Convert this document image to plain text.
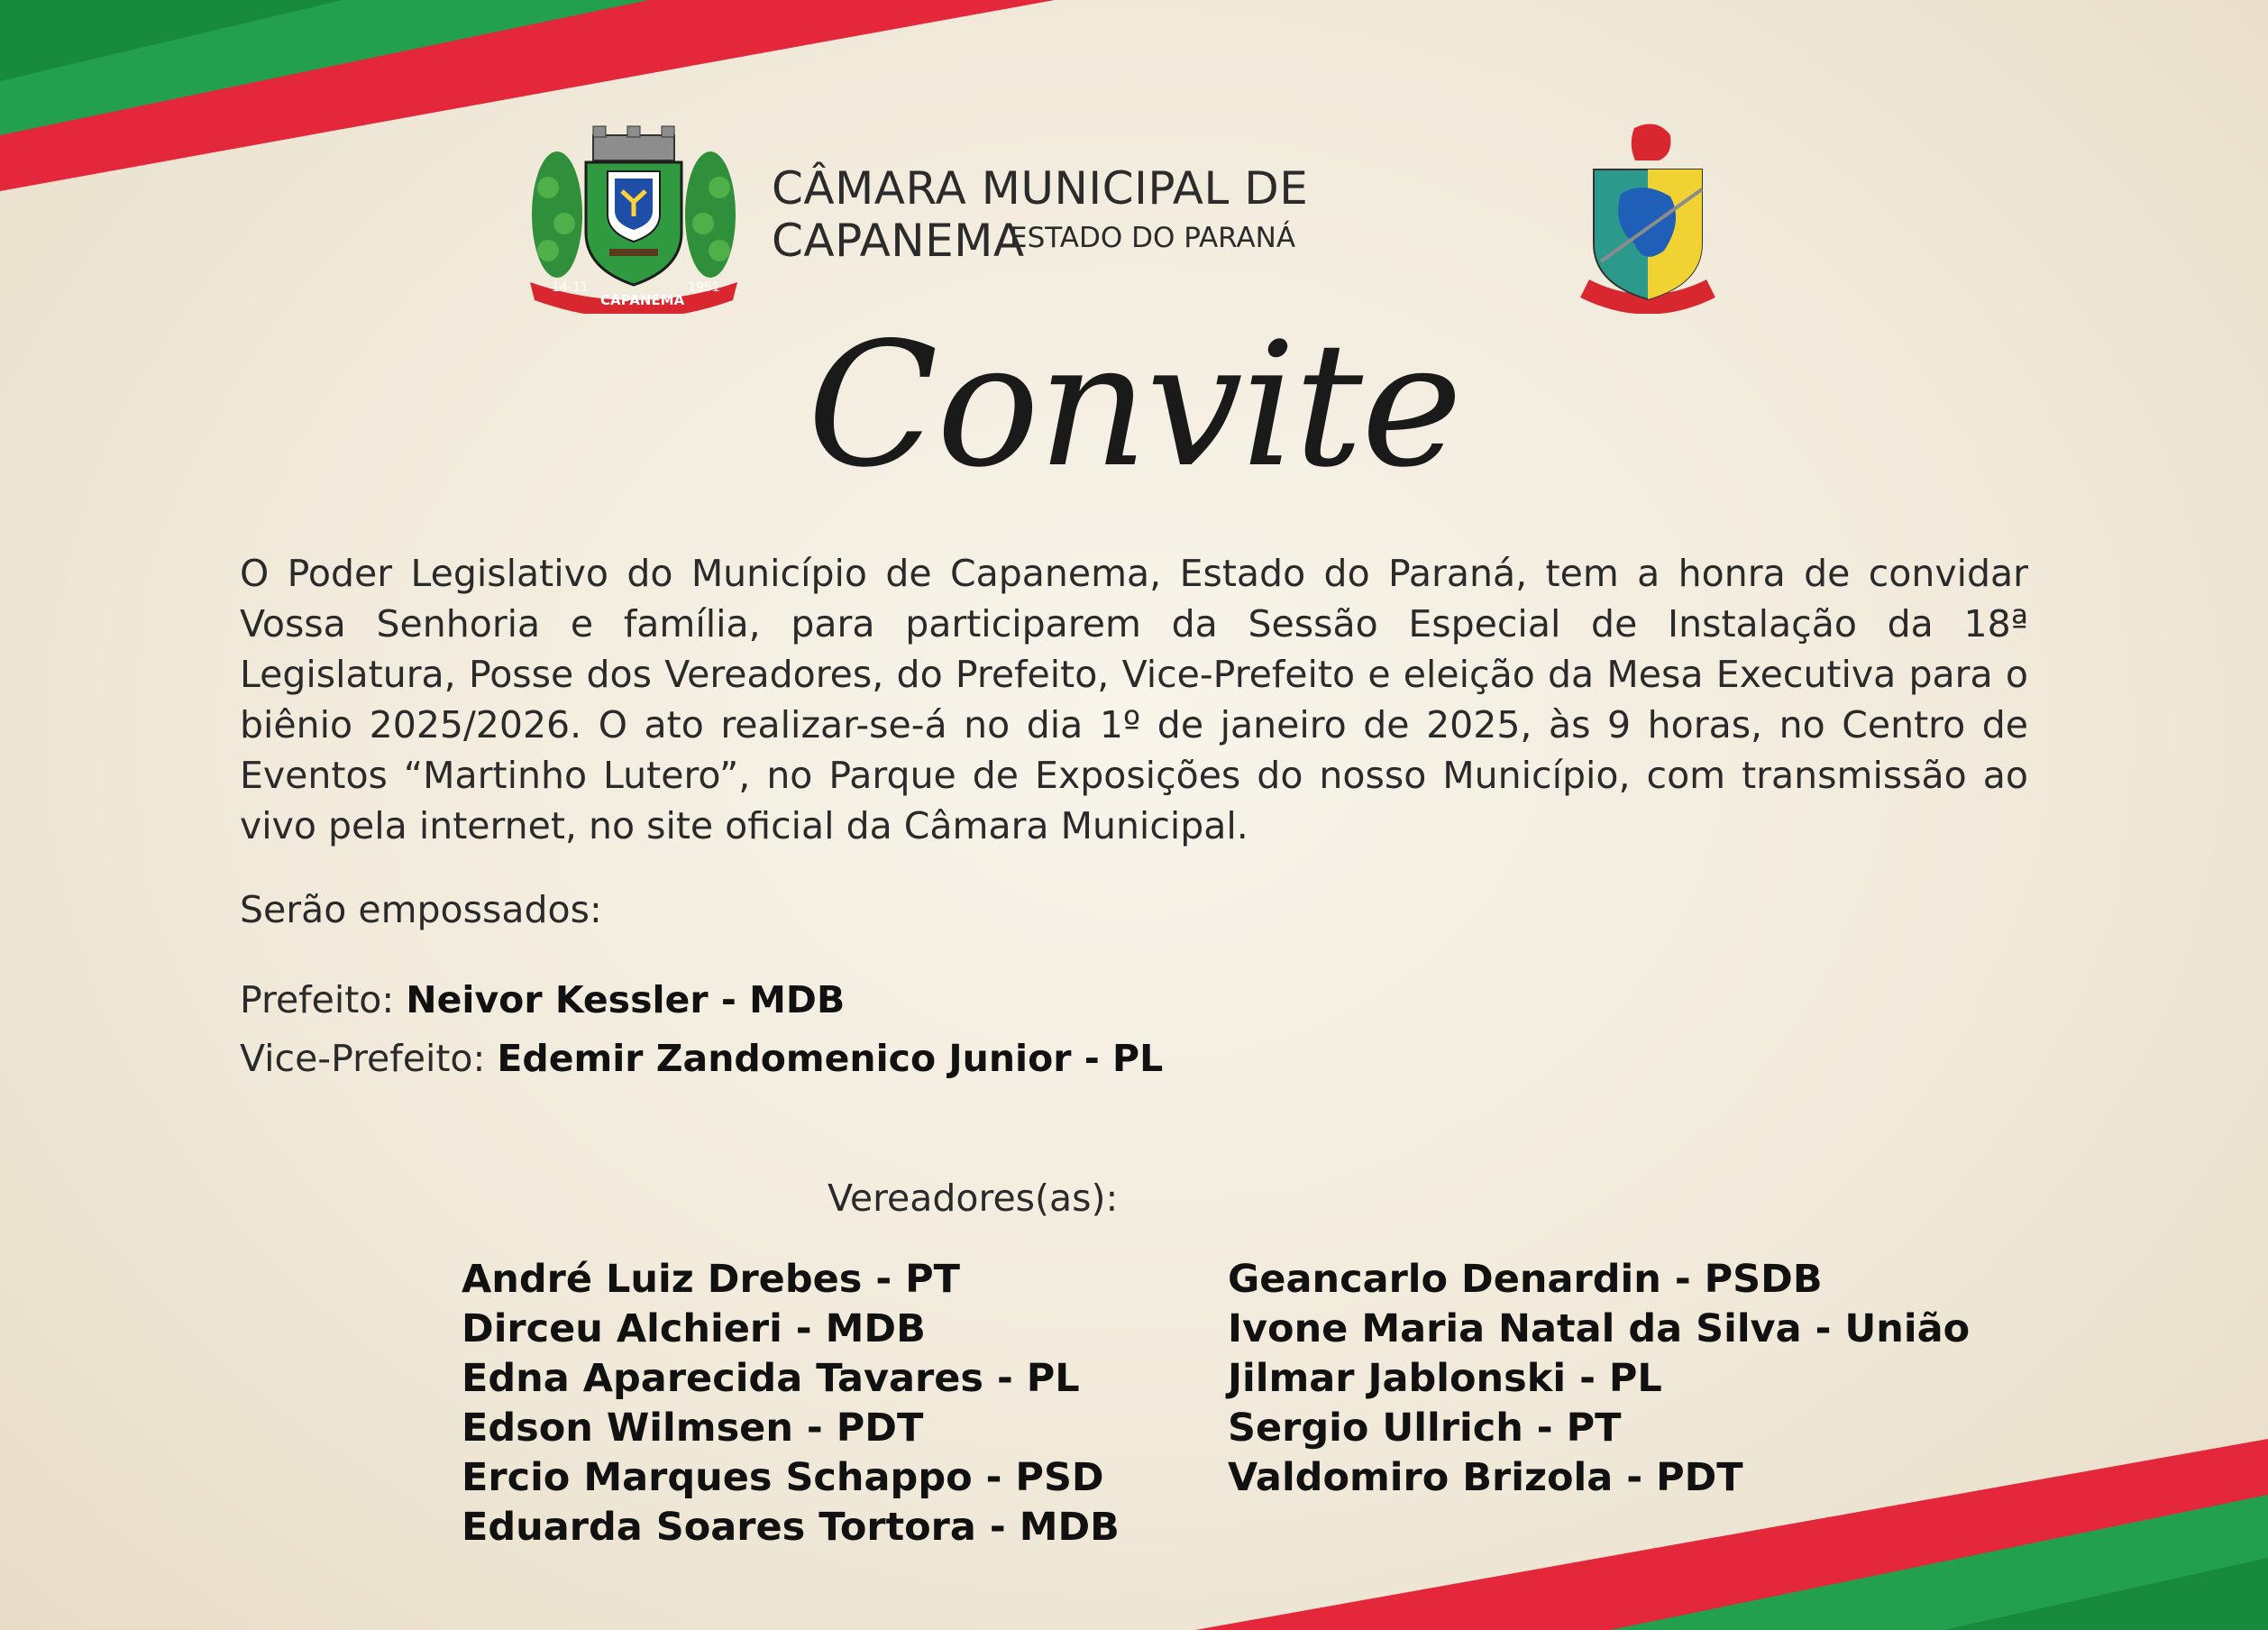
14-11
CAPANEMA
1951
CÂMARA MUNICIPAL DE CAPANEMA
ESTADO DO PARANÁ
Convite
O Poder Legislativo do Município de Capanema, Estado do Paraná, tem a honra de convidar Vossa Senhoria e família, para participarem da Sessão Especial de Instalação da 18ª Legislatura, Posse dos Vereadores, do Prefeito, Vice-Prefeito e eleição da Mesa Executiva para o biênio 2025/2026. O ato realizar-se-á no dia 1º de janeiro de 2025, às 9 horas, no Centro de Eventos “Martinho Lutero”, no Parque de Exposições do nosso Município, com transmissão ao vivo pela internet, no site oficial da Câmara Municipal.
Serão empossados:
Prefeito: Neivor Kessler - MDB
Vice-Prefeito: Edemir Zandomenico Junior - PL
Vereadores(as):
André Luiz Drebes - PT
Dirceu Alchieri - MDB
Edna Aparecida Tavares - PL
Edson Wilmsen - PDT
Ercio Marques Schappo - PSD
Eduarda Soares Tortora - MDB
Geancarlo Denardin - PSDB
Ivone Maria Natal da Silva - União
Jilmar Jablonski - PL
Sergio Ullrich - PT
Valdomiro Brizola - PDT
